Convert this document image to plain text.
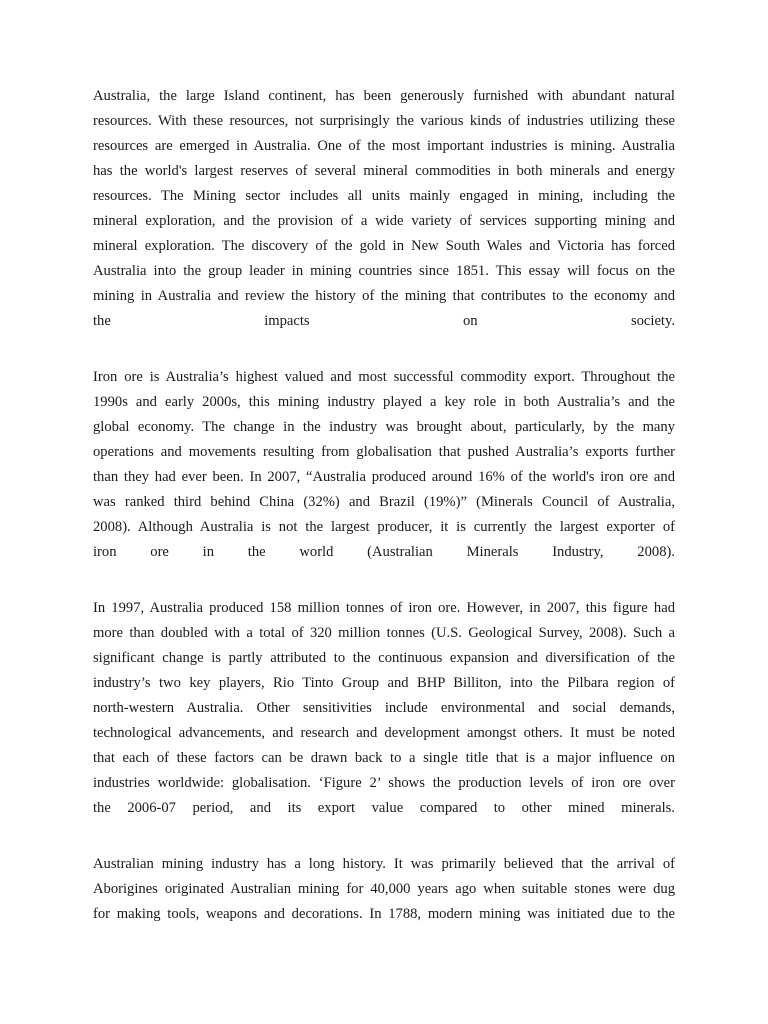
Australia, the large Island continent, has been generously furnished with abundant natural
resources. With these resources, not surprisingly the various kinds of industries utilizing these
resources are emerged in Australia. One of the most important industries is mining. Australia
has the world's largest reserves of several mineral commodities in both minerals and energy
resources. The Mining sector includes all units mainly engaged in mining, including the
mineral exploration, and the provision of a wide variety of services supporting mining and
mineral exploration. The discovery of the gold in New South Wales and Victoria has forced
Australia into the group leader in mining countries since 1851. This essay will focus on the
mining in Australia and review the history of the mining that contributes to the economy and
the impacts on society.
Iron ore is Australia’s highest valued and most successful commodity export. Throughout the
1990s and early 2000s, this mining industry played a key role in both Australia’s and the
global economy. The change in the industry was brought about, particularly, by the many
operations and movements resulting from globalisation that pushed Australia’s exports further
than they had ever been. In 2007, “Australia produced around 16% of the world's iron ore and
was ranked third behind China (32%) and Brazil (19%)” (Minerals Council of Australia,
2008). Although Australia is not the largest producer, it is currently the largest exporter of
iron ore in the world (Australian Minerals Industry, 2008).
In 1997, Australia produced 158 million tonnes of iron ore. However, in 2007, this figure had
more than doubled with a total of 320 million tonnes (U.S. Geological Survey, 2008). Such a
significant change is partly attributed to the continuous expansion and diversification of the
industry’s two key players, Rio Tinto Group and BHP Billiton, into the Pilbara region of
north-western Australia. Other sensitivities include environmental and social demands,
technological advancements, and research and development amongst others. It must be noted
that each of these factors can be drawn back to a single title that is a major influence on
industries worldwide: globalisation. ‘Figure 2’ shows the production levels of iron ore over
the 2006-07 period, and its export value compared to other mined minerals.
Australian mining industry has a long history. It was primarily believed that the arrival of
Aborigines originated Australian mining for 40,000 years ago when suitable stones were dug
for making tools, weapons and decorations. In 1788, modern mining was initiated due to the
